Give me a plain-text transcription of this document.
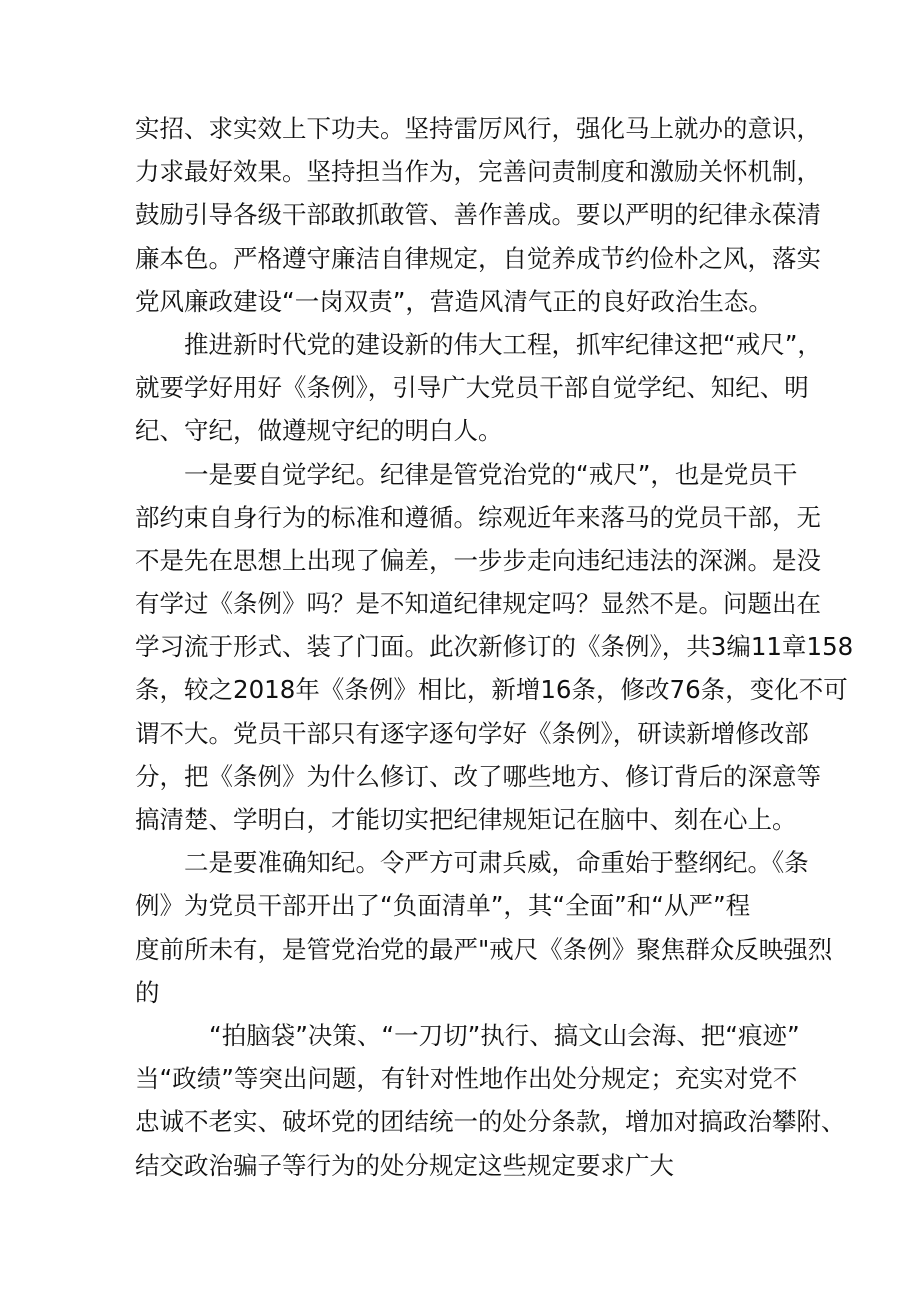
实招、求实效上下功夫。坚持雷厉风行，强化马上就办的意识，
力求最好效果。坚持担当作为，完善问责制度和激励关怀机制，
鼓励引导各级干部敢抓敢管、善作善成。要以严明的纪律永葆清
廉本色。严格遵守廉洁自律规定，自觉养成节约俭朴之风，落实
党风廉政建设“一岗双责”，营造风清气正的良好政治生态。
推进新时代党的建设新的伟大工程，抓牢纪律这把“戒尺”，
就要学好用好《条例》，引导广大党员干部自觉学纪、知纪、明
纪、守纪，做遵规守纪的明白人。
一是要自觉学纪。纪律是管党治党的“戒尺”，也是党员干
部约束自身行为的标准和遵循。综观近年来落马的党员干部，无
不是先在思想上出现了偏差，一步步走向违纪违法的深渊。是没
有学过《条例》吗？是不知道纪律规定吗？显然不是。问题出在
学习流于形式、装了门面。此次新修订的《条例》，共3编11章158
条，较之2018年《条例》相比，新增16条，修改76条，变化不可
谓不大。党员干部只有逐字逐句学好《条例》，研读新增修改部
分，把《条例》为什么修订、改了哪些地方、修订背后的深意等
搞清楚、学明白，才能切实把纪律规矩记在脑中、刻在心上。
二是要准确知纪。令严方可肃兵威，命重始于整纲纪。《条
例》为党员干部开出了“负面清单”，其“全面”和“从严”程
度前所未有，是管党治党的最严"戒尺《条例》聚焦群众反映强烈
的
“拍脑袋”决策、“一刀切”执行、搞文山会海、把“痕迹”
当“政绩”等突出问题，有针对性地作出处分规定；充实对党不
忠诚不老实、破坏党的团结统一的处分条款，增加对搞政治攀附、
结交政治骗子等行为的处分规定这些规定要求广大
